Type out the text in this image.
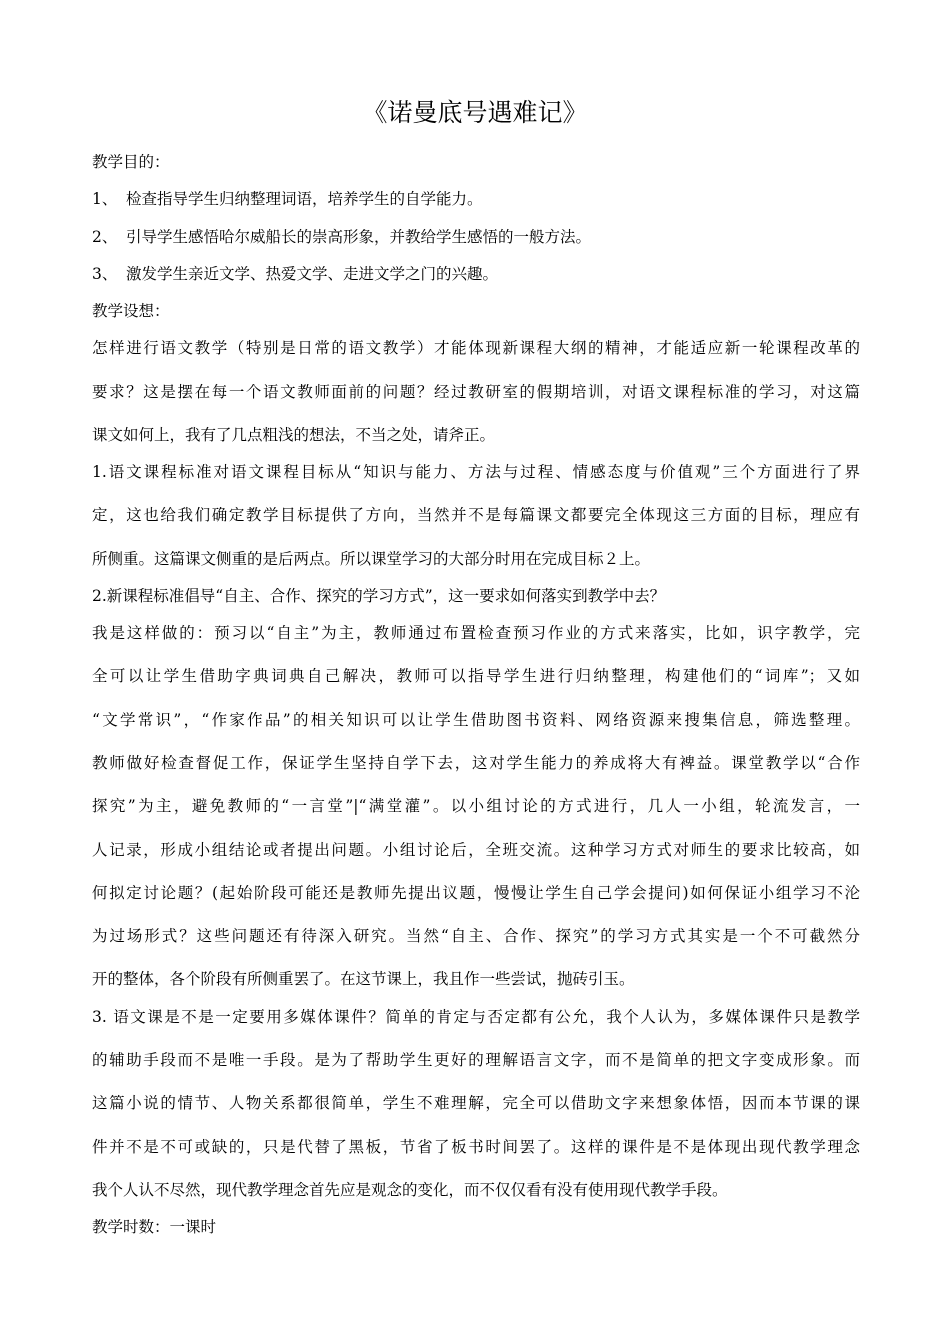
《诺曼底号遇难记》
教学目的：
1、 检查指导学生归纳整理词语，培养学生的自学能力。
2、 引导学生感悟哈尔威船长的崇高形象，并教给学生感悟的一般方法。
3、 激发学生亲近文学、热爱文学、走进文学之门的兴趣。
教学设想：
怎样进行语文教学（特别是日常的语文教学）才能体现新课程大纲的精神，才能适应新一轮课程改革的
要求？这是摆在每一个语文教师面前的问题？经过教研室的假期培训，对语文课程标准的学习，对这篇
课文如何上，我有了几点粗浅的想法，不当之处，请斧正。
1.语文课程标准对语文课程目标从“知识与能力、方法与过程、情感态度与价值观”三个方面进行了界
定，这也给我们确定教学目标提供了方向，当然并不是每篇课文都要完全体现这三方面的目标，理应有
所侧重。这篇课文侧重的是后两点。所以课堂学习的大部分时用在完成目标２上。
2.新课程标准倡导“自主、合作、探究的学习方式”，这一要求如何落实到教学中去？
我是这样做的：预习以“自主”为主，教师通过布置检查预习作业的方式来落实，比如，识字教学，完
全可以让学生借助字典词典自己解决，教师可以指导学生进行归纳整理，构建他们的“词库”；又如
“文学常识”，“作家作品”的相关知识可以让学生借助图书资料、网络资源来搜集信息，筛选整理。
教师做好检查督促工作，保证学生坚持自学下去，这对学生能力的养成将大有裨益。课堂教学以“合作
探究”为主，避免教师的“一言堂”|“满堂灌”。以小组讨论的方式进行，几人一小组，轮流发言，一
人记录，形成小组结论或者提出问题。小组讨论后，全班交流。这种学习方式对师生的要求比较高，如
何拟定讨论题？(起始阶段可能还是教师先提出议题，慢慢让学生自己学会提问)如何保证小组学习不沦
为过场形式？这些问题还有待深入研究。当然“自主、合作、探究”的学习方式其实是一个不可截然分
开的整体，各个阶段有所侧重罢了。在这节课上，我且作一些尝试，抛砖引玉。
3. 语文课是不是一定要用多媒体课件？简单的肯定与否定都有公允，我个人认为，多媒体课件只是教学
的辅助手段而不是唯一手段。是为了帮助学生更好的理解语言文字，而不是简单的把文字变成形象。而
这篇小说的情节、人物关系都很简单，学生不难理解，完全可以借助文字来想象体悟，因而本节课的课
件并不是不可或缺的，只是代替了黑板，节省了板书时间罢了。这样的课件是不是体现出现代教学理念
我个人认不尽然，现代教学理念首先应是观念的变化，而不仅仅看有没有使用现代教学手段。
教学时数：一课时
